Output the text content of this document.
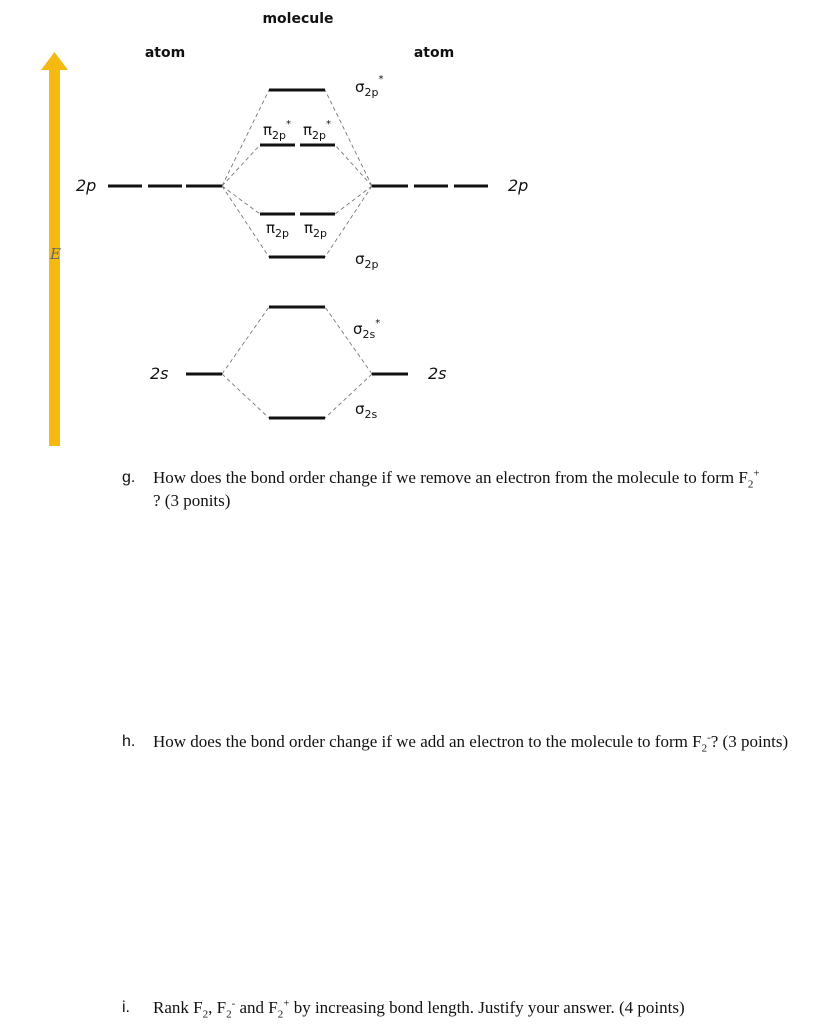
E
molecule
atom	atom
2p	2p
2s	2s
$\sigma_{2p}^*$
$\pi_{2p}^*$ $\pi_{2p}^*$
$\pi_{2p}$ $\pi_{2p}$
$\sigma_{2p}$
$\sigma_{2s}^*$
$\sigma_{2s}$
g. How does the bond order change if we remove an electron from the molecule to form $F_2^+$
? (3 ponits)
h. How does the bond order change if we add an electron to the molecule to form $F_2^-$? (3 points)
i. Rank $F_2$, $F_2^-$ and $F_2^+$ by increasing bond length. Justify your answer. (4 points)
